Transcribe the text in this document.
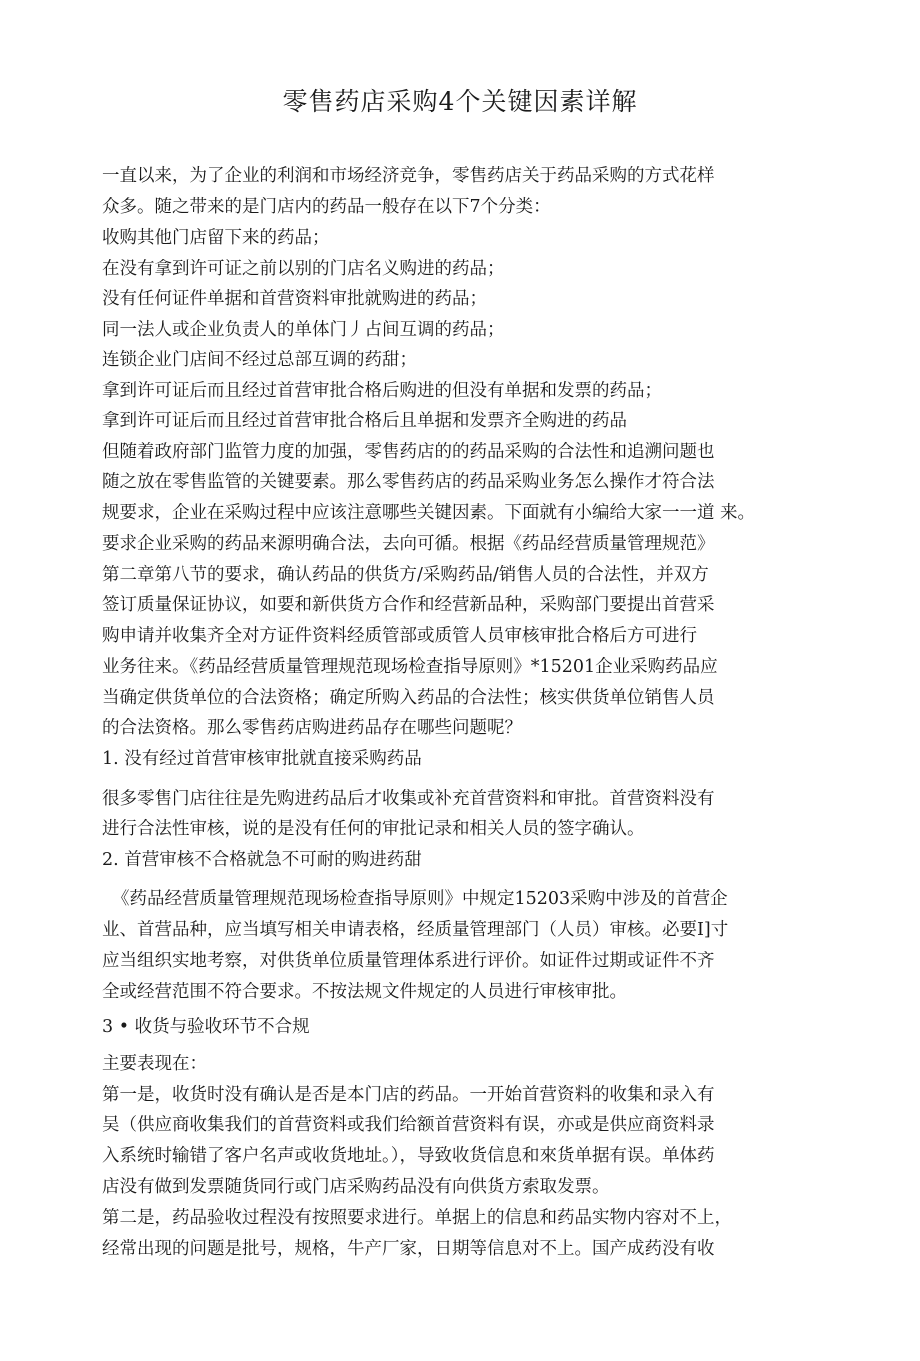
零售药店采购4个关键因素详解
一直以来，为了企业的利润和市场经济竞争，零售药店关于药品采购的方式花样
众多。随之带来的是门店内的药品一般存在以下7个分类：
收购其他门店留下来的药品；
在没有拿到许可证之前以别的门店名义购进的药品；
没有任何证件单据和首营资料审批就购进的药品；
同一法人或企业负责人的单体门丿占间互调的药品；
连锁企业门店间不经过总部互调的药甜；
拿到许可证后而且经过首营审批合格后购进的但没有单据和发票的药品；
拿到许可证后而且经过首营审批合格后且单据和发票齐全购进的药品
但随着政府部门监管力度的加强，零售药店的的药品采购的合法性和追溯问题也
随之放在零售监管的关键要素。那么零售药店的药品采购业务怎么操作才符合法
规要求，企业在采购过程中应该注意哪些关键因素。下面就有小编给大家一一道 来。
要求企业采购的药品来源明确合法，去向可循。根据《药品经营质量管理规范》
第二章第八节的要求，确认药品的供货方/采购药品/销售人员的合法性，并双方
签订质量保证协议，如要和新供货方合作和经营新品种，采购部门要提出首营采
购申请并收集齐全对方证件资料经质管部或质管人员审核审批合格后方可进行
业务往来。《药品经营质量管理规范现场检查指导原则》*15201企业采购药品应
当确定供货单位的合法资格；确定所购入药品的合法性；核实供货单位销售人员
的合法资格。那么零售药店购进药品存在哪些问题呢？
1. 没有经过首营审核审批就直接采购药品
很多零售门店往往是先购进药品后才收集或补充首营资料和审批。首营资料没有
进行合法性审核，说的是没有任何的审批记录和相关人员的签字确认。
2. 首营审核不合格就急不可耐的购进药甜
《药品经营质量管理规范现场检查指导原则》中规定15203采购中涉及的首营企
业、首营品种，应当填写相关申请表格，经质量管理部门（人员）审核。必要I]寸
应当组织实地考察，对供货单位质量管理体系进行评价。如证件过期或证件不齐
全或经营范围不符合要求。不按法规文件规定的人员进行审核审批。
3 • 收货与验收环节不合规
主要表现在：
第一是，收货时没有确认是否是本门店的药品。一开始首营资料的收集和录入有
吴（供应商收集我们的首营资料或我们给额首营资料有误，亦或是供应商资料录
入系统时输错了客户名声或收货地址。），导致收货信息和來货单据有误。单体药
店没有做到发票随货同行或门店采购药品没有向供货方索取发票。
第二是，药品验收过程没有按照要求进行。单据上的信息和药品实物内容对不上，
经常出现的问题是批号，规格，牛产厂家，日期等信息对不上。国产成药没有收
